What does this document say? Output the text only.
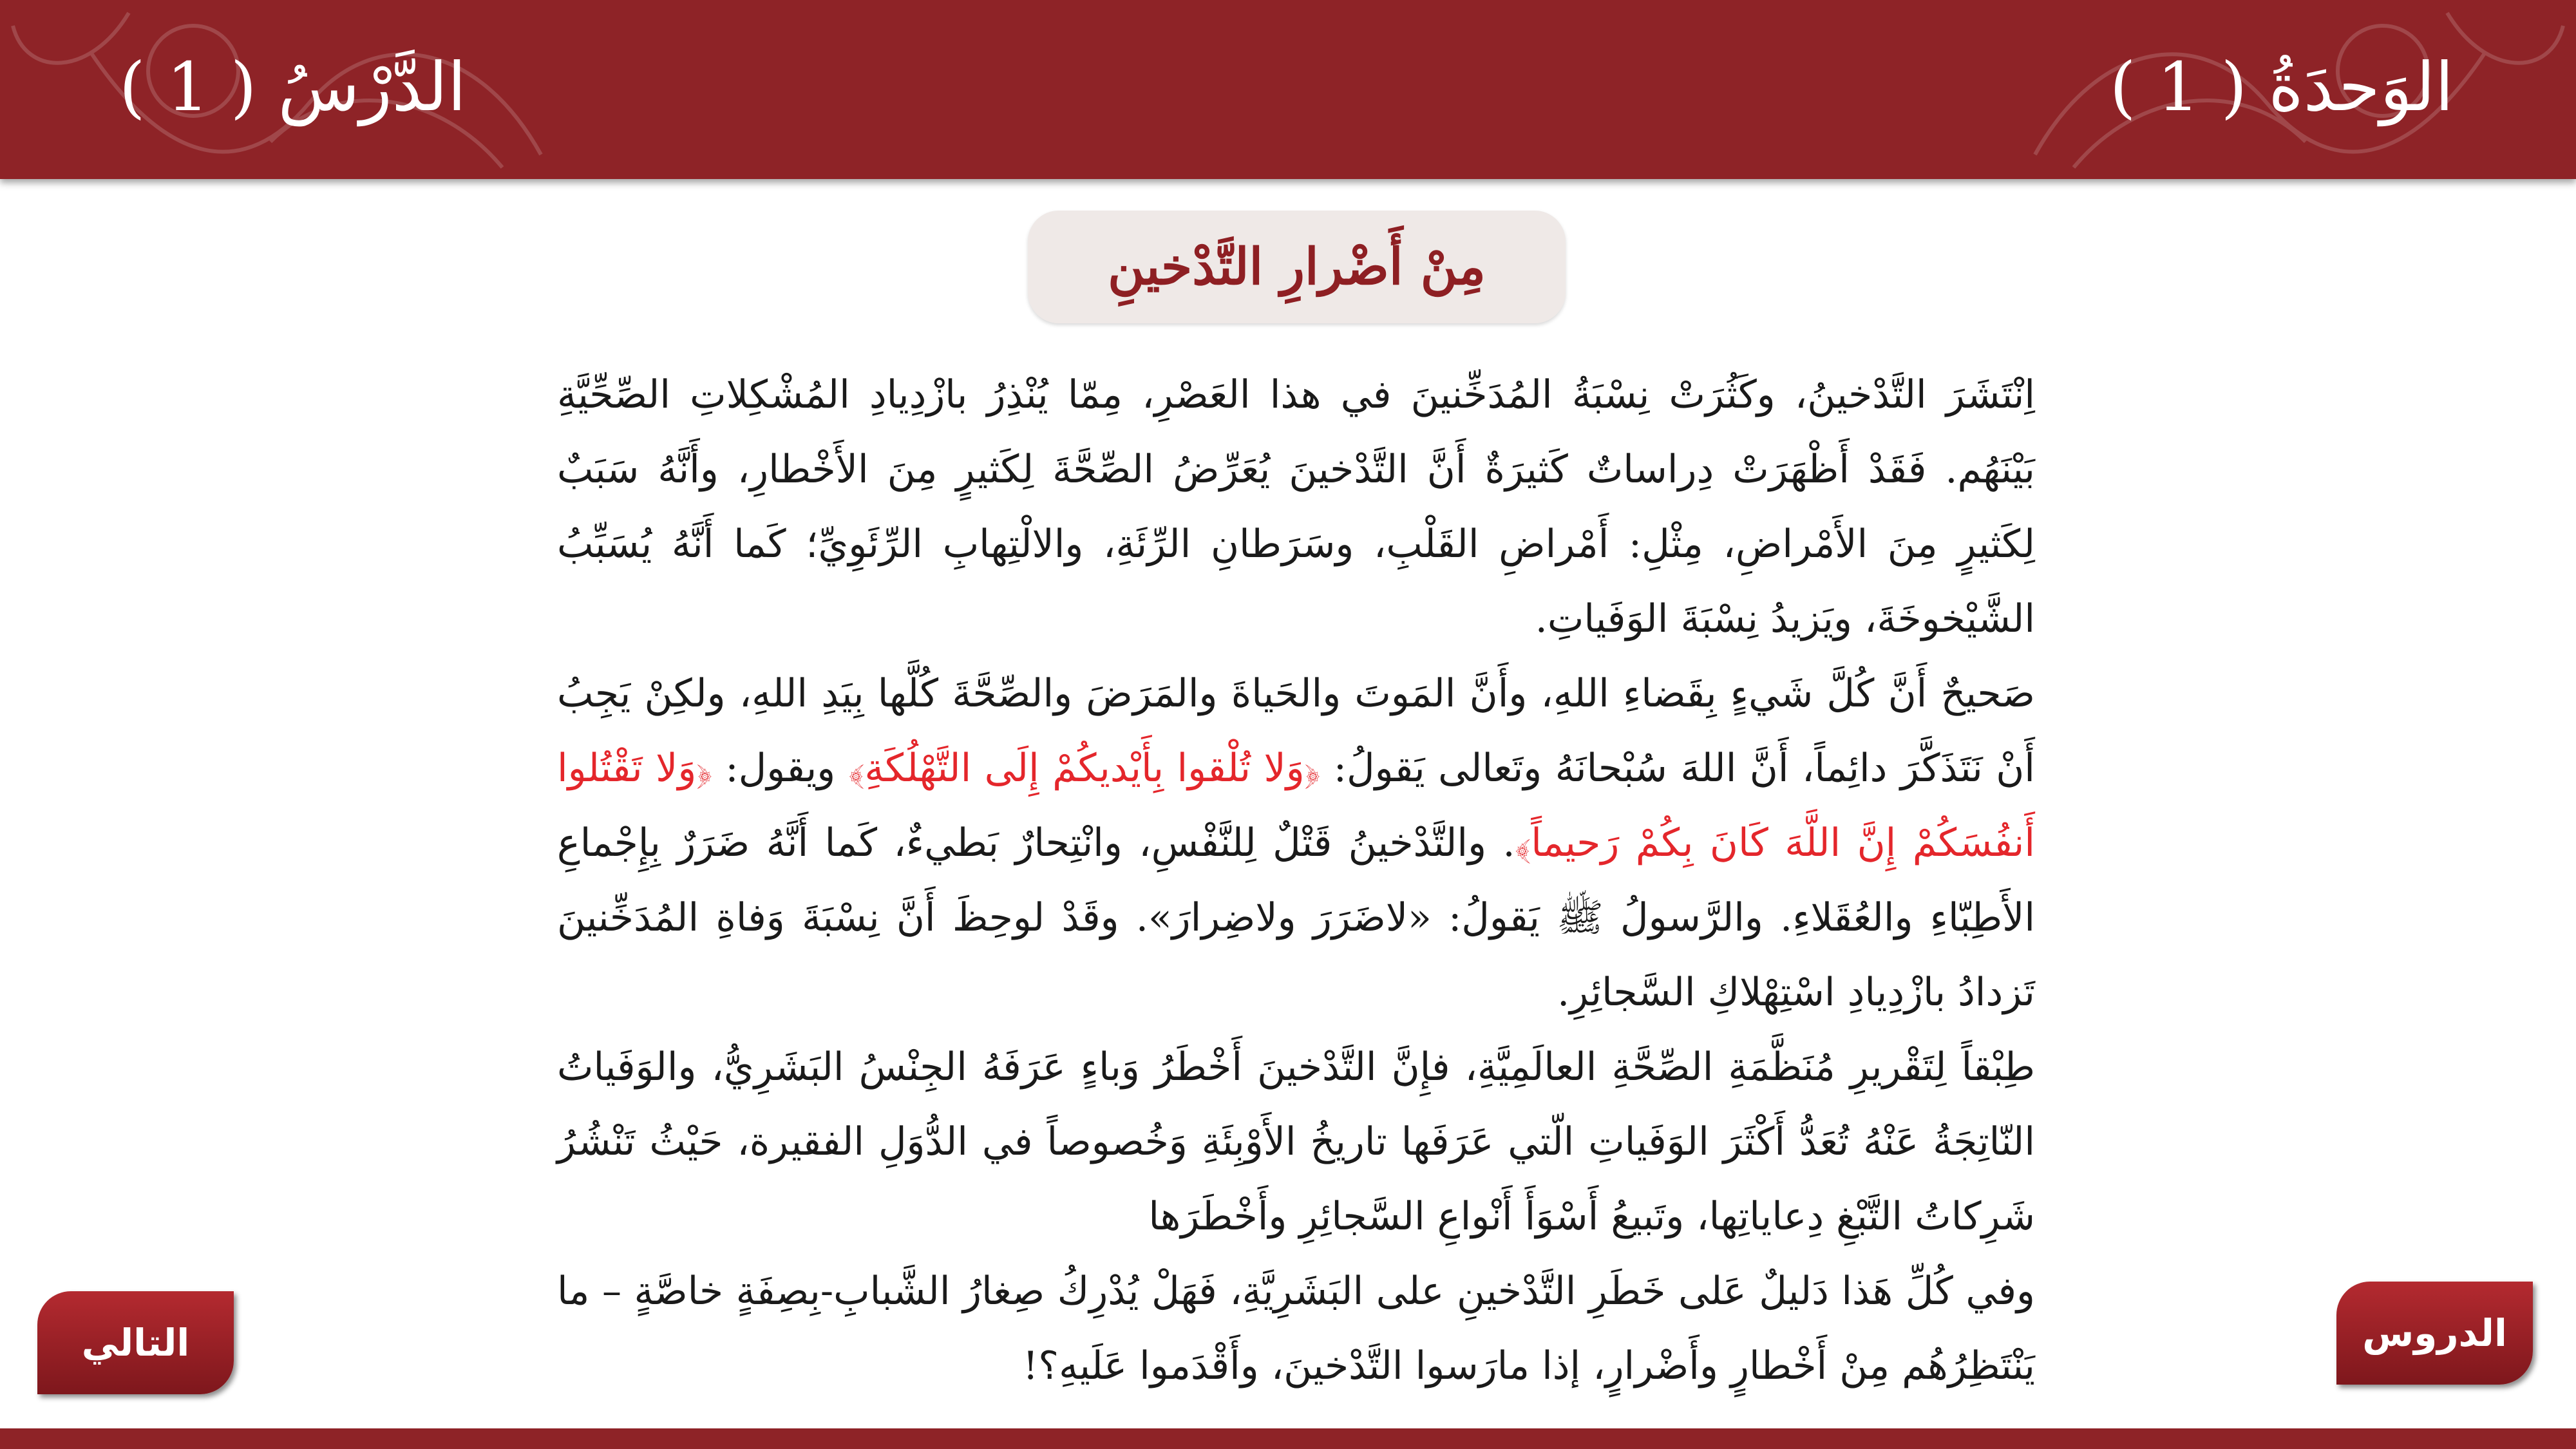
الوَحدَةُ ( 1 )
الدَّرْسُ ( 1 )
مِنْ أَضْرارِ التَّدْخينِ

اِنْتَشَرَ التَّدْخينُ، وكَثُرَتْ نِسْبَةُ المُدَخِّنينَ في هذا العَصْرِ، مِمّا يُنْذِرُ بازْدِيادِ المُشْكِلاتِ الصِّحِّيَّةِ بَيْنَهُم. فَقَدْ أَظْهَرَتْ دِراساتٌ كَثيرَةٌ أَنَّ التَّدْخينَ يُعَرِّضُ الصِّحَّةَ لِكَثيرٍ مِنَ الأَخْطارِ، وأَنَّهُ سَبَبٌ لِكَثيرٍ مِنَ الأَمْراضِ، مِثْلِ: أَمْراضِ القَلْبِ، وسَرَطانِ الرِّئَةِ، والالْتِهابِ الرِّئَوِيِّ؛ كَما أَنَّهُ يُسَبِّبُ الشَّيْخوخَةَ، ويَزيدُ نِسْبَةَ الوَفَياتِ.

صَحيحٌ أَنَّ كُلَّ شَيءٍ بِقَضاءِ اللهِ، وأَنَّ المَوتَ والحَياةَ والمَرَضَ والصِّحَّةَ كُلَّها بِيَدِ اللهِ، ولكِنْ يَجِبُ أَنْ نَتَذَكَّرَ دائِماً، أَنَّ اللهَ سُبْحانَهُ وتَعالى يَقولُ: ﴿وَلا تُلْقوا بِأَيْديكُمْ إِلَى التَّهْلُكَةِ﴾ ويقول: ﴿وَلا تَقْتُلوا أَنفُسَكُمْ إِنَّ اللَّهَ كَانَ بِكُمْ رَحيماً﴾. والتَّدْخينُ قَتْلٌ لِلنَّفْسِ، وانْتِحارٌ بَطيءٌ، كَما أَنَّهُ ضَرَرٌ بِإِجْماعِ الأَطِبّاءِ والعُقَلاءِ. والرَّسولُ ﷺ يَقولُ: «لاضَرَرَ ولاضِرارَ». وقَدْ لوحِظَ أَنَّ نِسْبَةَ وَفاةِ المُدَخِّنينَ تَزدادُ بازْدِيادِ اسْتِهْلاكِ السَّجائِرِ.

طِبْقاً لِتَقْريرِ مُنَظَّمَةِ الصِّحَّةِ العالَمِيَّةِ، فإِنَّ التَّدْخينَ أَخْطَرُ وَباءٍ عَرَفَهُ الجِنْسُ البَشَرِيُّ، والوَفَياتُ النّاتِجَةُ عَنْهُ تُعَدُّ أَكْثَرَ الوَفَياتِ الّتي عَرَفَها تاريخُ الأَوْبِئَةِ وَخُصوصاً في الدُّوَلِ الفقيرة، حَيْثُ تَنْشُرُ شَرِكاتُ التَّبْغِ دِعاياتِها، وتَبيعُ أَسْوَأَ أَنْواعِ السَّجائِرِ وأَخْطَرَها

وفي كُلِّ هَذا دَليلٌ عَلى خَطَرِ التَّدْخينِ على البَشَرِيَّةِ، فَهَلْ يُدْرِكُ صِغارُ الشَّبابِ-بِصِفَةٍ خاصَّةٍ – ما يَنْتَظِرُهُم مِنْ أَخْطارٍ وأَضْرارٍ، إذا مارَسوا التَّدْخينَ، وأَقْدَموا عَلَيهِ؟!

التالي	الدروس
